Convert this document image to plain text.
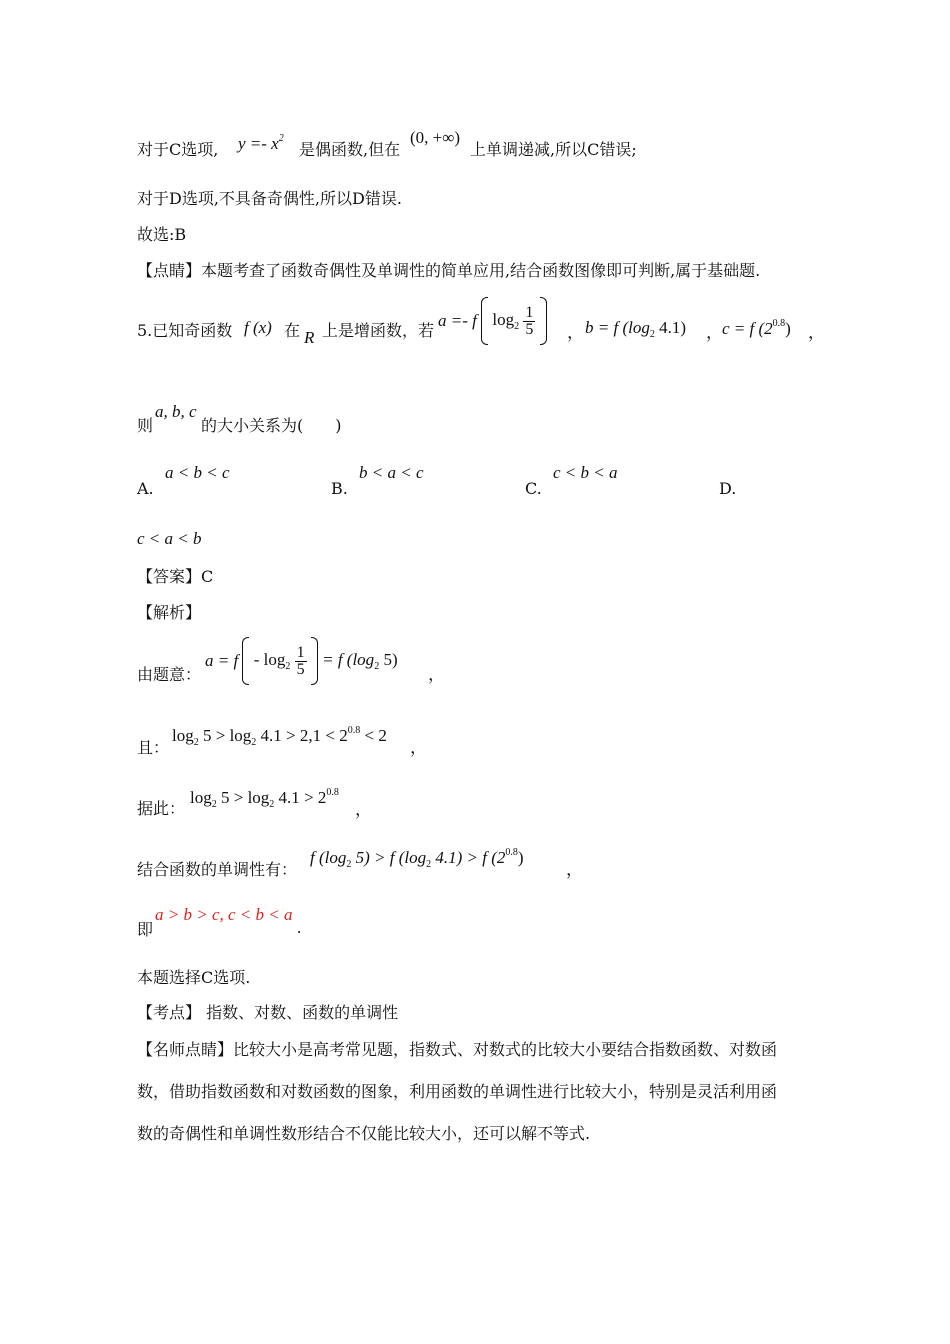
对于C选项, $y =- x^2$
是偶函数,但在
(0, +∞)
上单调递减,所以C错误;
对于D选项,不具备奇偶性,所以D错误.
故选:B
【点睛】本题考查了函数奇偶性及单调性的简单应用,结合函数图像即可判断,属于基础题.
5.已知奇函数 f (x) 在 R 上是增函数，若
a =- f $\log_2 \frac{1}{5}$
， b = f ($\log_2$ 4.1) ， c = f $(2^{0.8})$ ，
则
a, b, c
的大小关系为(　　)
A.
a < b < c
B.
b < a < c
C.
c < b < a
D.
c < a < b
【答案】C
【解析】
由题意：
$a = f - \log_2 \frac{1}{5} = f$ ($\log_2$ 5)
，
且：
$\log_2 5 > \log_2 4.1 > 2,1 < 2^{0.8} < 2$
，
据此：
$\log_2 5 > \log_2 4.1 > 2^{0.8}$
，
结合函数的单调性有：
f ($\log_2$ 5) > f ($\log_2$ 4.1) > f $(2^{0.8})$
，
即
a > b > c, c < b < a
.
本题选择C选项.
【考点】 指数、对数、函数的单调性
【名师点睛】比较大小是高考常见题，指数式、对数式的比较大小要结合指数函数、对数函
数，借助指数函数和对数函数的图象，利用函数的单调性进行比较大小，特别是灵活利用函
数的奇偶性和单调性数形结合不仅能比较大小，还可以解不等式.
